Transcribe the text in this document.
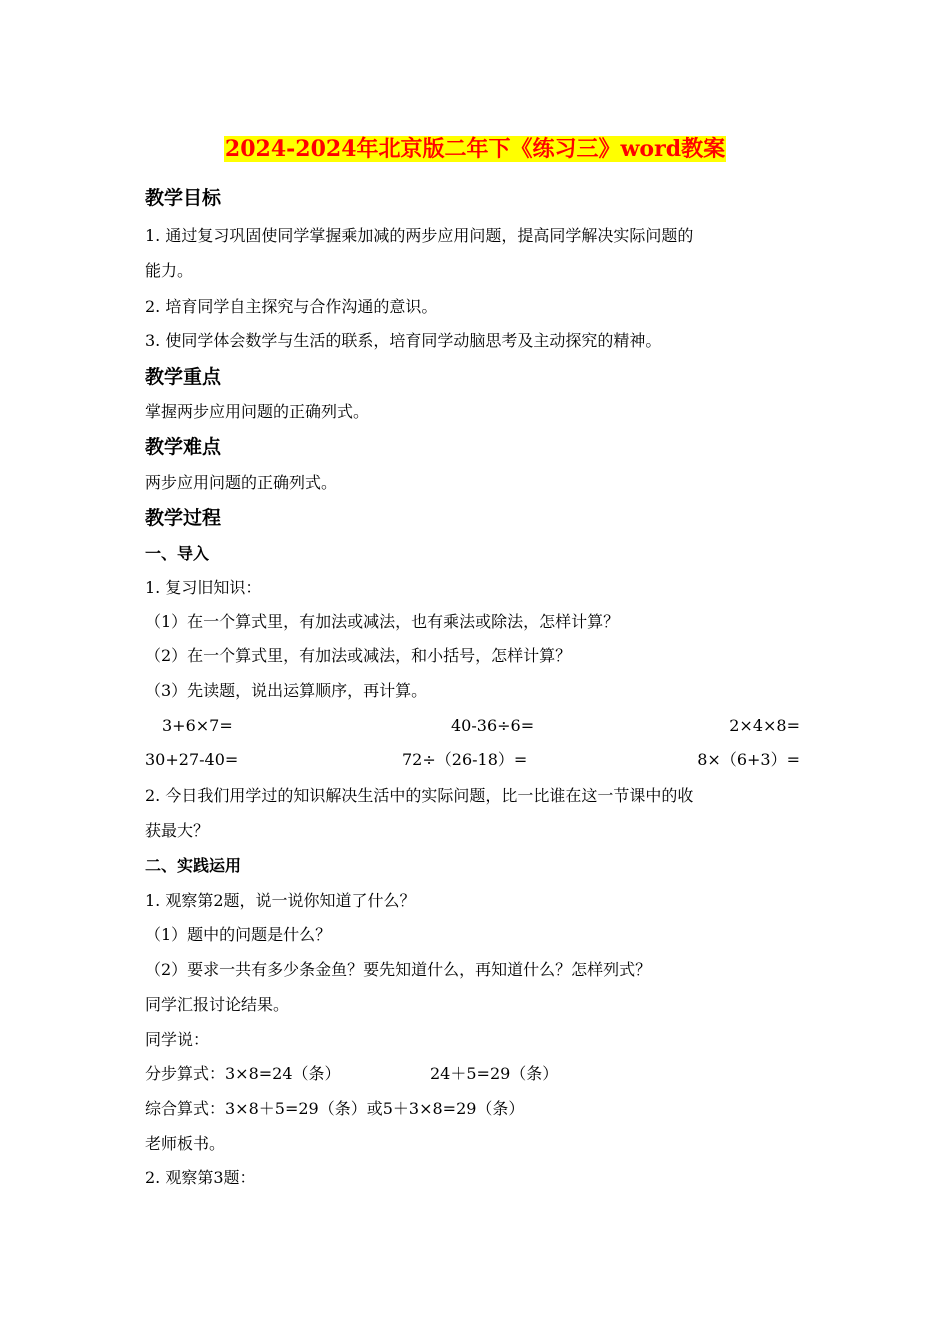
2024-2024年北京版二年下《练习三》word教案
教学目标
1. 通过复习巩固使同学掌握乘加减的两步应用问题，提高同学解决实际问题的
能力。
2. 培育同学自主探究与合作沟通的意识。
3. 使同学体会数学与生活的联系，培育同学动脑思考及主动探究的精神。
教学重点
掌握两步应用问题的正确列式。
教学难点
两步应用问题的正确列式。
教学过程
一、导入
1. 复习旧知识：
（1）在一个算式里，有加法或减法，也有乘法或除法，怎样计算？
（2）在一个算式里，有加法或减法，和小括号，怎样计算？
（3）先读题，说出运算顺序，再计算。
3+6×7=	40-36÷6=	2×4×8=
30+27-40=	72÷（26-18）=	8×（6+3）=
2. 今日我们用学过的知识解决生活中的实际问题，比一比谁在这一节课中的收
获最大？
二、实践运用
1. 观察第2题，说一说你知道了什么？
（1）题中的问题是什么？
（2）要求一共有多少条金鱼？要先知道什么，再知道什么？怎样列式？
同学汇报讨论结果。
同学说：
分步算式：3×8=24（条）	24＋5=29（条）
综合算式：3×8＋5=29（条）或5＋3×8=29（条）
老师板书。
2. 观察第3题：
